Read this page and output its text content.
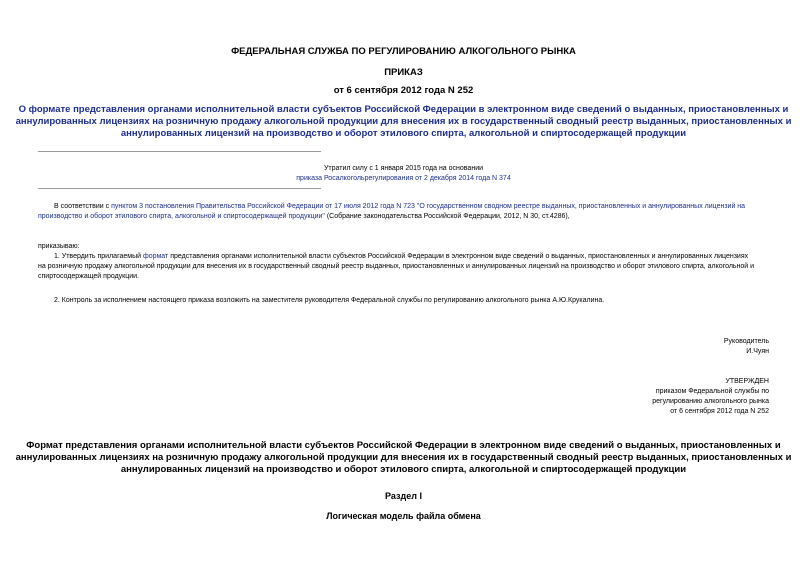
ФЕДЕРАЛЬНАЯ СЛУЖБА ПО РЕГУЛИРОВАНИЮ АЛКОГОЛЬНОГО РЫНКА
ПРИКАЗ
от 6 сентября 2012 года N 252
О формате представления органами исполнительной власти субъектов Российской Федерации в электронном виде сведений о выданных, приостановленных и
аннулированных лицензиях на розничную продажу алкогольной продукции для внесения их в государственный сводный реестр выданных, приостановленных и
аннулированных лицензий на производство и оборот этилового спирта, алкогольной и спиртосодержащей продукции
Утратил силу с 1 января 2015 года на основании
приказа Росалкогольрегулирования от 2 декабря 2014 года N 374
В соответствии с пунктом 3 постановления Правительства Российской Федерации от 17 июля 2012 года N 723 "О государственном сводном реестре выданных, приостановленных и аннулированных лицензий на
производство и оборот этилового спирта, алкогольной и спиртосодержащей продукции" (Собрание законодательства Российской Федерации, 2012, N 30, ст.4286),
приказываю:
1. Утвердить прилагаемый формат представления органами исполнительной власти субъектов Российской Федерации в электронном виде сведений о выданных, приостановленных и аннулированных лицензиях
на розничную продажу алкогольной продукции для внесения их в государственный сводный реестр выданных, приостановленных и аннулированных лицензий на производство и оборот этилового спирта, алкогольной и
спиртосодержащей продукции.
2. Контроль за исполнением настоящего приказа возложить на заместителя руководителя Федеральной службы по регулированию алкогольного рынка А.Ю.Крукалина.
Руководитель
И.Чуян
УТВЕРЖДЕН
приказом Федеральной службы по
регулированию алкогольного рынка
от 6 сентября 2012 года N 252
Формат представления органами исполнительной власти субъектов Российской Федерации в электронном виде сведений о выданных, приостановленных и
аннулированных лицензиях на розничную продажу алкогольной продукции для внесения их в государственный сводный реестр выданных, приостановленных и
аннулированных лицензий на производство и оборот этилового спирта, алкогольной и спиртосодержащей продукции
Раздел I
Логическая модель файла обмена
